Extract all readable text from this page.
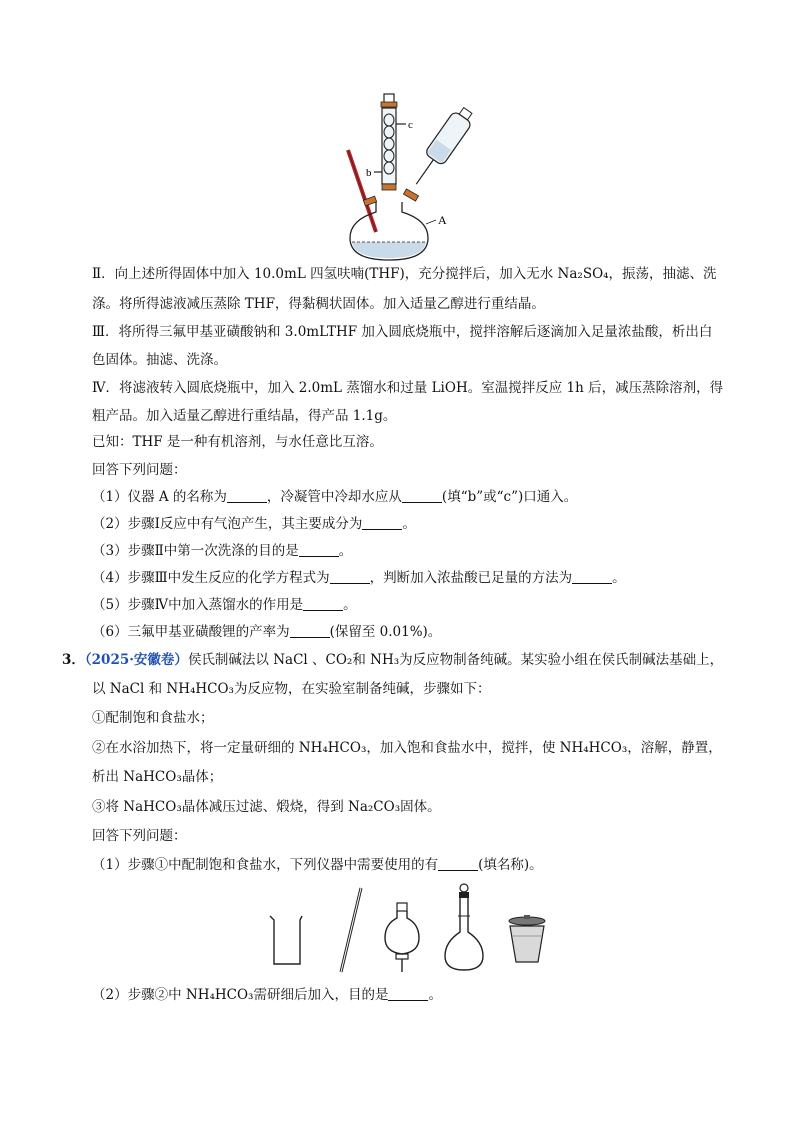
c
b
A
Ⅱ．向上述所得固体中加入 10.0mL 四氢呋喃(THF)，充分搅拌后，加入无水 Na₂SO₄，振荡，抽滤、洗
涤。将所得滤液减压蒸除 THF，得黏稠状固体。加入适量乙醇进行重结晶。
Ⅲ．将所得三氟甲基亚磺酸钠和 3.0mLTHF 加入圆底烧瓶中，搅拌溶解后逐滴加入足量浓盐酸，析出白
色固体。抽滤、洗涤。
Ⅳ．将滤液转入圆底烧瓶中，加入 2.0mL 蒸馏水和过量 LiOH。室温搅拌反应 1h 后，减压蒸除溶剂，得
粗产品。加入适量乙醇进行重结晶，得产品 1.1g。
已知：THF 是一种有机溶剂，与水任意比互溶。
回答下列问题：
（1）仪器 A 的名称为	，冷凝管中冷却水应从	(填“b”或“c”)口通入。
（2）步骤Ⅰ反应中有气泡产生，其主要成分为	。
（3）步骤Ⅱ中第一次洗涤的目的是	。
（4）步骤Ⅲ中发生反应的化学方程式为	，判断加入浓盐酸已足量的方法为	。
（5）步骤Ⅳ中加入蒸馏水的作用是	。
（6）三氟甲基亚磺酸锂的产率为	(保留至 0.01%)。
3．（2025·安徽卷）侯氏制碱法以 NaCl 、CO₂和 NH₃为反应物制备纯碱。某实验小组在侯氏制碱法基础上，
以 NaCl 和 NH₄HCO₃为反应物，在实验室制备纯碱，步骤如下：
①配制饱和食盐水；
②在水浴加热下，将一定量研细的 NH₄HCO₃，加入饱和食盐水中，搅拌，使 NH₄HCO₃，溶解，静置，
析出 NaHCO₃晶体；
③将 NaHCO₃晶体减压过滤、煅烧，得到 Na₂CO₃固体。
回答下列问题：
（1）步骤①中配制饱和食盐水，下列仪器中需要使用的有	(填名称)。
（2）步骤②中 NH₄HCO₃需研细后加入，目的是	。
